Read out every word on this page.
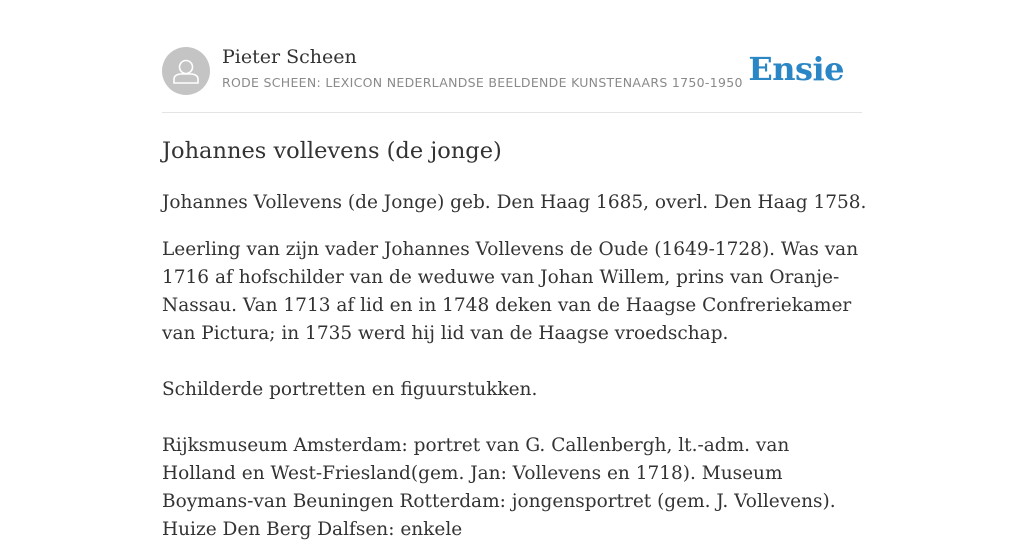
Pieter Scheen
RODE SCHEEN: LEXICON NEDERLANDSE BEELDENDE KUNSTENAARS 1750-1950 Ensie
Johannes vollevens (de jonge)

Johannes Vollevens (de Jonge) geb. Den Haag 1685, overl. Den Haag 1758.

Leerling van zijn vader Johannes Vollevens de Oude (1649-1728). Was van 1716 af hofschilder van de weduwe van Johan Willem, prins van Oranje-Nassau. Van 1713 af lid en in 1748 deken van de Haagse Confreriekamer van Pictura; in 1735 werd hij lid van de Haagse vroedschap.

Schilderde portretten en figuurstukken.

Rijksmuseum Amsterdam: portret van G. Callenbergh, lt.-adm. van Holland en West-Friesland(gem. Jan: Vollevens en 1718). Museum Boymans-van Beuningen Rotterdam: jongensportret (gem. J. Vollevens). Huize Den Berg Dalfsen: enkele
